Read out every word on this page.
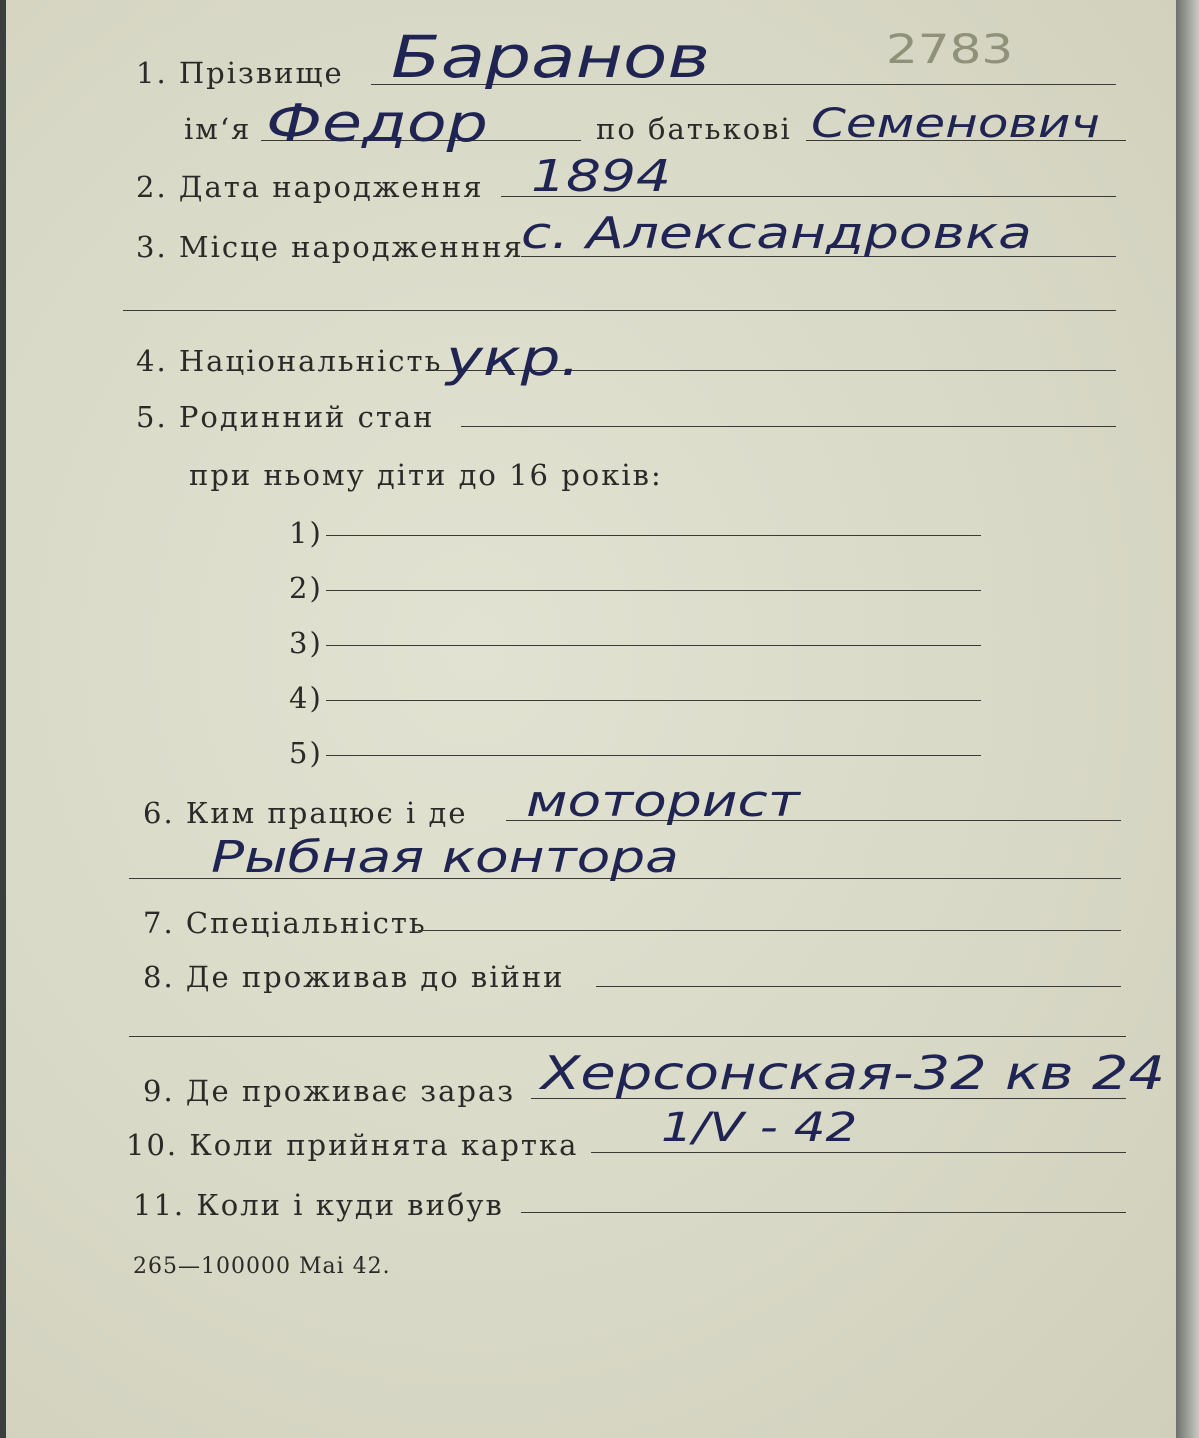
1. Прізвище Баранов	2783
ім‘я Федор	по батькові Семенович
2. Дата народження 1894
3. Місце народженння
с. Александровка
4. Національність укр.
5. Родинний стан
при ньому діти до 16 років:
1)
2)
3)
4)
5)
6. Ким працює і де моторист
Рыбная контора
7. Спеціальність
8. Де проживав до війни
9. Де проживає зараз Херсонская-32 кв 24
10. Коли прийнята картка 1/V - 42
11. Коли і куди вибув
265—100000 Mai 42.
